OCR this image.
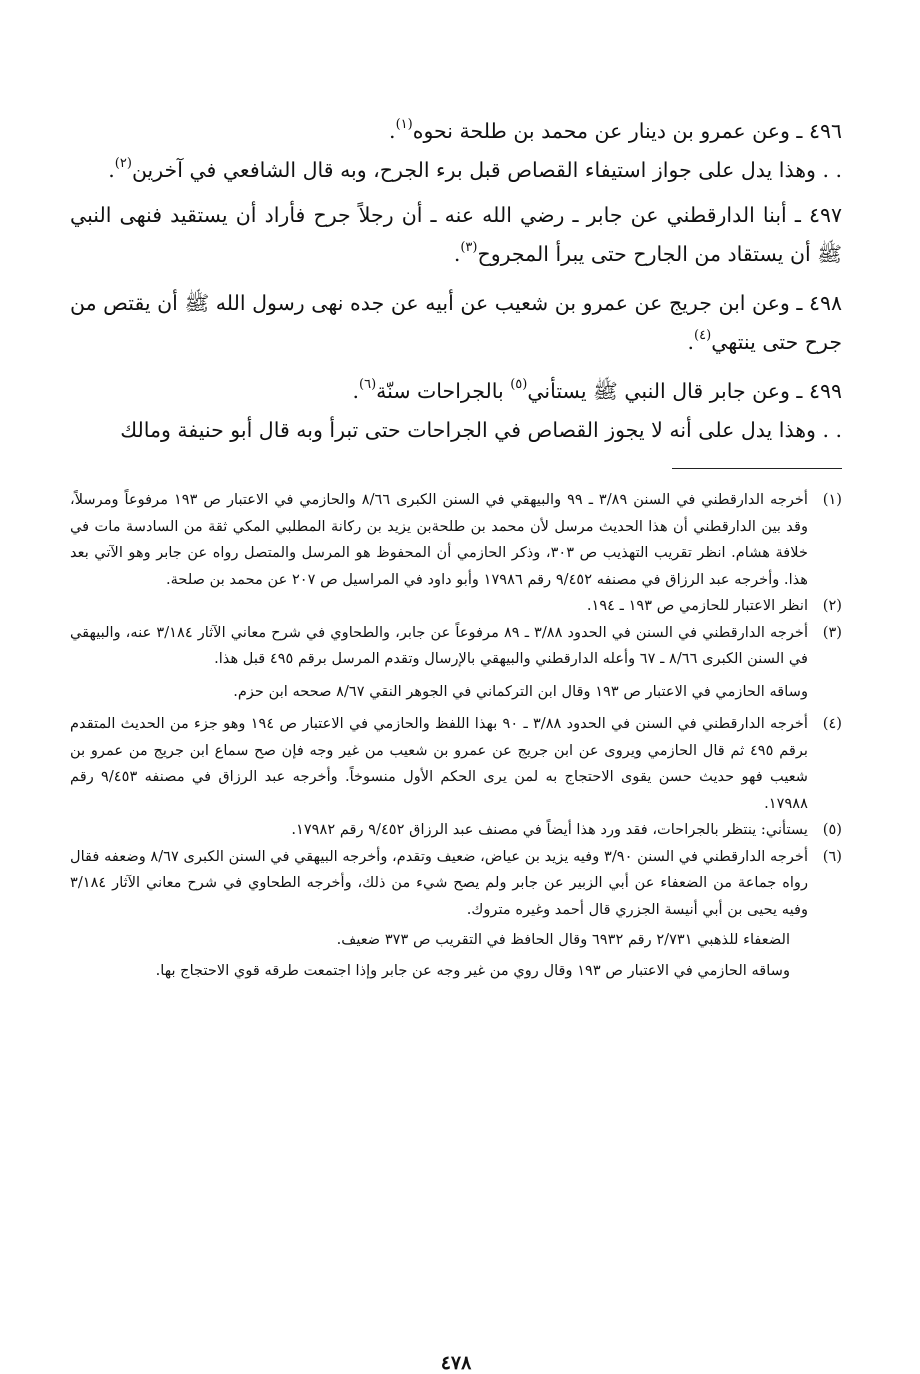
٤٩٦ ـ وعن عمرو بن دينار عن محمد بن طلحة نحوه$^{(١)}$.

. . وهذا يدل على جواز استيفاء القصاص قبل برء الجرح، وبه قال الشافعي في آخرين$^{(٢)}$.

٤٩٧ ـ أبنا الدارقطني عن جابر ـ رضي الله عنه ـ أن رجلاً جرح فأراد أن يستقيد فنهى النبي ﷺ أن يستقاد من الجارح حتى يبرأ المجروح$^{(٣)}$.

٤٩٨ ـ وعن ابن جريج عن عمرو بن شعيب عن أبيه عن جده نهى رسول الله ﷺ أن يقتص من جرح حتى ينتهي$^{(٤)}$.

٤٩٩ ـ وعن جابر قال النبي ﷺ يستأني$^{(٥)}$ بالجراحات سنّة$^{(٦)}$.

. . وهذا يدل على أنه لا يجوز القصاص في الجراحات حتى تبرأ وبه قال أبو حنيفة ومالك

(١)

أخرجه الدارقطني في السنن ٣/٨٩ ـ ٩٩ والبيهقي في السنن الكبرى ٨/٦٦ والحازمي في الاعتبار ص ١٩٣ مرفوعاً ومرسلاً، وقد بين الدارقطني أن هذا الحديث مرسل لأن محمد بن طلحةبن يزيد بن ركانة المطلبي المكي ثقة من السادسة مات في خلافة هشام. انظر تقريب التهذيب ص ٣٠٣، وذكر الحازمي أن المحفوظ هو المرسل والمتصل رواه عن جابر وهو الآتي بعد هذا. وأخرجه عبد الرزاق في مصنفه ٩/٤٥٢ رقم ١٧٩٨٦ وأبو داود في المراسيل ص ٢٠٧ عن محمد بن صلحة.

(٢)

انظر الاعتبار للحازمي ص ١٩٣ ـ ١٩٤.

(٣)

أخرجه الدارقطني في السنن في الحدود ٣/٨٨ ـ ٨٩ مرفوعاً عن جابر، والطحاوي في شرح معاني الآثار ٣/١٨٤ عنه، والبيهقي في السنن الكبرى ٨/٦٦ ـ ٦٧ وأعله الدارقطني والبيهقي بالإرسال وتقدم المرسل برقم ٤٩٥ قبل هذا.

وساقه الحازمي في الاعتبار ص ١٩٣ وقال ابن التركماني في الجوهر النقي ٨/٦٧ صححه ابن حزم.

(٤)

أخرجه الدارقطني في السنن في الحدود ٣/٨٨ ـ ٩٠ بهذا اللفظ والحازمي في الاعتبار ص ١٩٤ وهو جزء من الحديث المتقدم برقم ٤٩٥ ثم قال الحازمي ويروى عن ابن جريج عن عمرو بن شعيب من غير وجه فإن صح سماع ابن جريج من عمرو بن شعيب فهو حديث حسن يقوى الاحتجاج به لمن يرى الحكم الأول منسوخاً. وأخرجه عبد الرزاق في مصنفه ٩/٤٥٣ رقم ١٧٩٨٨.

(٥)

يستأني: ينتظر بالجراحات، فقد ورد هذا أيضاً في مصنف عبد الرزاق ٩/٤٥٢ رقم ١٧٩٨٢.

(٦)

أخرجه الدارقطني في السنن ٣/٩٠ وفيه يزيد بن عياض، ضعيف وتقدم، وأخرجه البيهقي في السنن الكبرى ٨/٦٧ وضعفه فقال رواه جماعة من الضعفاء عن أبي الزبير عن جابر ولم يصح شيء من ذلك، وأخرجه الطحاوي في شرح معاني الآثار ٣/١٨٤ وفيه يحيى بن أبي أنيسة الجزري قال أحمد وغيره متروك.

الضعفاء للذهبي ٢/٧٣١ رقم ٦٩٣٢ وقال الحافظ في التقريب ص ٣٧٣ ضعيف.

وساقه الحازمي في الاعتبار ص ١٩٣ وقال روي من غير وجه عن جابر وإذا اجتمعت طرقه قوي الاحتجاج بها.

٤٧٨
